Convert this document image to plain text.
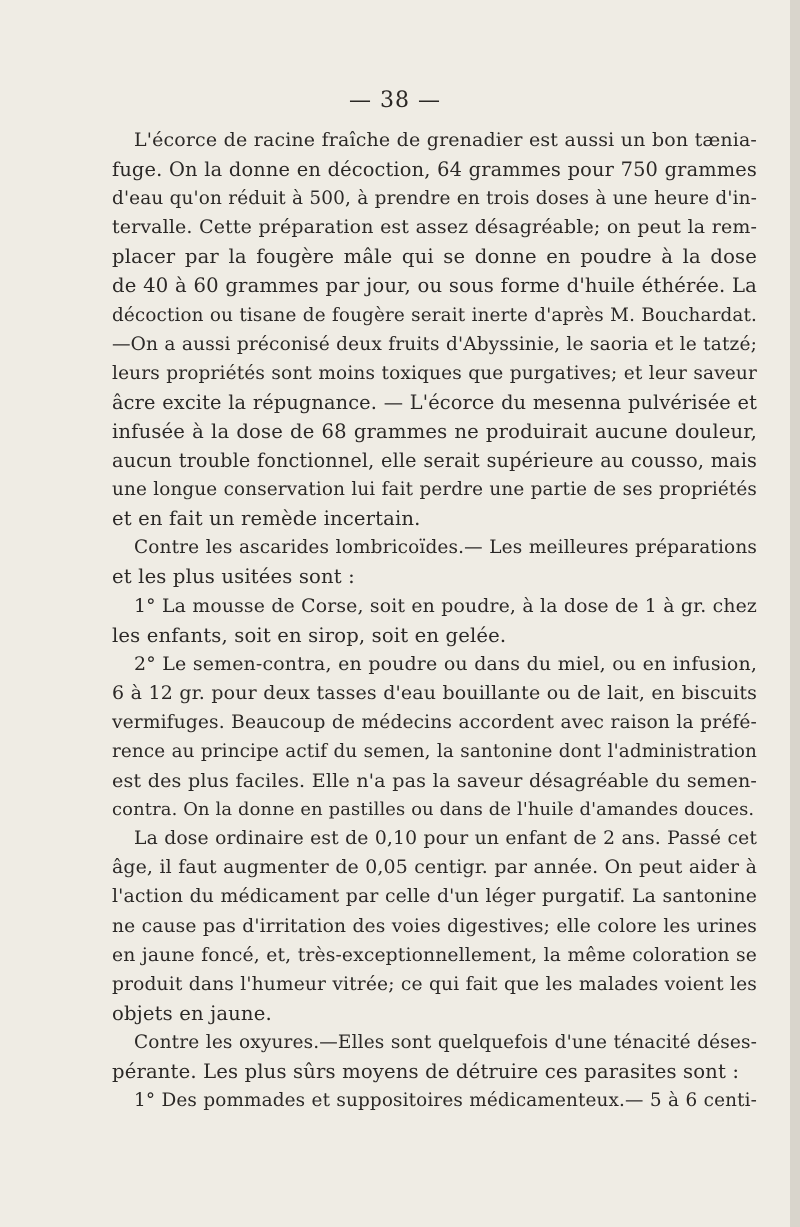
— 38 —
L'écorce de racine fraîche de grenadier est aussi un bon tænia-
fuge. On la donne en décoction, 64 grammes pour 750 grammes
d'eau qu'on réduit à 500, à prendre en trois doses à une heure d'in-
tervalle. Cette préparation est assez désagréable; on peut la rem-
placer par la fougère mâle qui se donne en poudre à la dose
de 40 à 60 grammes par jour, ou sous forme d'huile éthérée. La
décoction ou tisane de fougère serait inerte d'après M. Bouchardat.
—On a aussi préconisé deux fruits d'Abyssinie, le saoria et le tatzé;
leurs propriétés sont moins toxiques que purgatives; et leur saveur
âcre excite la répugnance. — L'écorce du mesenna pulvérisée et
infusée à la dose de 68 grammes ne produirait aucune douleur,
aucun trouble fonctionnel, elle serait supérieure au cousso, mais
une longue conservation lui fait perdre une partie de ses propriétés
et en fait un remède incertain.
Contre les ascarides lombricoïdes.— Les meilleures préparations
et les plus usitées sont :
1° La mousse de Corse, soit en poudre, à la dose de 1 à gr. chez
les enfants, soit en sirop, soit en gelée.
2° Le semen-contra, en poudre ou dans du miel, ou en infusion,
6 à 12 gr. pour deux tasses d'eau bouillante ou de lait, en biscuits
vermifuges. Beaucoup de médecins accordent avec raison la préfé-
rence au principe actif du semen, la santonine dont l'administration
est des plus faciles. Elle n'a pas la saveur désagréable du semen-
contra. On la donne en pastilles ou dans de l'huile d'amandes douces.
La dose ordinaire est de 0,10 pour un enfant de 2 ans. Passé cet
âge, il faut augmenter de 0,05 centigr. par année. On peut aider à
l'action du médicament par celle d'un léger purgatif. La santonine
ne cause pas d'irritation des voies digestives; elle colore les urines
en jaune foncé, et, très-exceptionnellement, la même coloration se
produit dans l'humeur vitrée; ce qui fait que les malades voient les
objets en jaune.
Contre les oxyures.—Elles sont quelquefois d'une ténacité déses-
pérante. Les plus sûrs moyens de détruire ces parasites sont :
1° Des pommades et suppositoires médicamenteux.— 5 à 6 centi-
